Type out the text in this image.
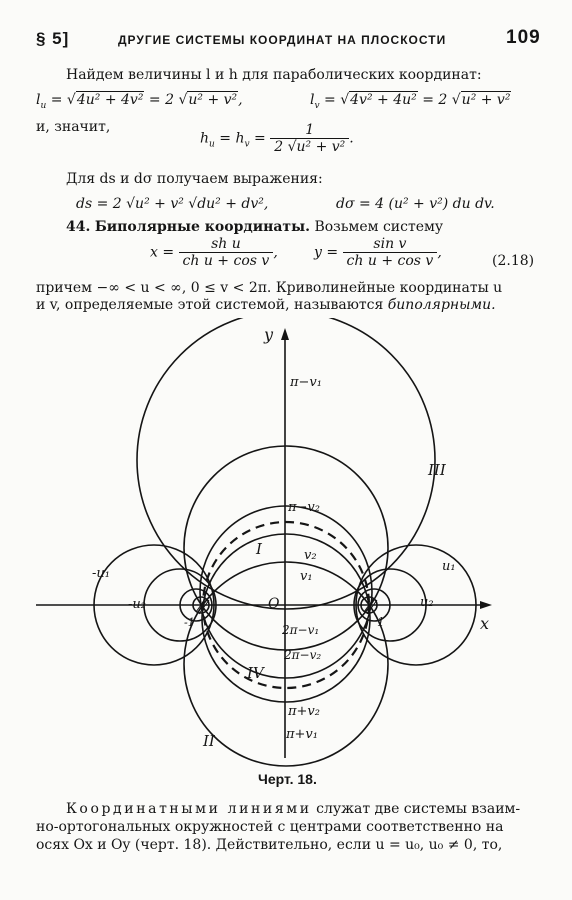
§ 5]	ДРУГИЕ СИСТЕМЫ КООРДИНАТ НА ПЛОСКОСТИ	109
Найдем величины l и h для параболических координат:
$l_u = √4u^2 + 4v^2 = 2$ √u² + v²,	$l_v = √4v^2 + 4u^2 = 2$ √u² + v²
и, значит,
$h_u = h_v = \frac{1}{\text{2 √u² + v²}}$ .
Для ds и dσ получаем выражения:
ds = 2 √u² + v² √du² + dv²,	dσ = 4 (u² + v²) du dv.
44. Биполярные координаты. Возьмем систему
$x = \frac{\text{sh u}}{\text{ch u + cos v}}$ ,	$y = \frac{\text{sin v}}{\text{ch u + cos v}}$ ,
(2.18)
причем −∞ < u < ∞, 0 ≤ v < 2π. Криволинейные координаты u
и v, определяемые этой системой, называются биполярными.
y
x
O
π−v₁
π−v₂
v₂
v₁
2π−v₁
2π−v₂
π+v₂
π+v₁
-u₁
-u₂
u₁
u₂
-1	1
I
II
III
IV
Черт. 18.
Координатными линиями служат две системы взаим-
но-ортогональных окружностей с центрами соответственно на
осях Ox и Oy (черт. 18). Действительно, если u = u₀, u₀ ≠ 0, то,
